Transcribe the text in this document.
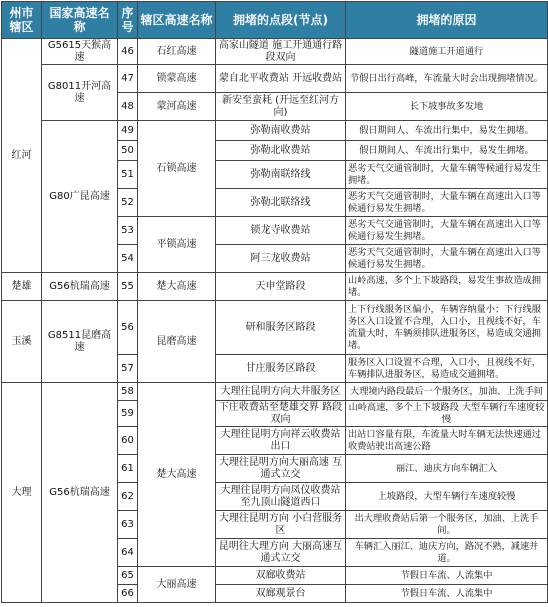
州市辖区	国家高速名称	序号	辖区高速名称	拥堵的点段(节点)	拥堵的原因
红河	G5615天猴高速	46	石红高速	高家山隧道 施工开通通行路段双向	隧道施工开道通行
	G8011开河高速	47	锁蒙高速	蒙自北平收费站 开远收费站	节假日出行高峰，车流量大时会出现拥堵情况。
		48	蒙河高速	新安至蛮耗 (开远至红河方向)	长下坡事故多发地
	G80广昆高速	49	石锁高速	弥勒南收费站	假日期间人、车流出行集中，易发生拥堵。
		50		弥勒北收费站	假日期间人、车流出行集中，易发生拥堵。
		51		弥勒南联络线	恶劣天气交通管制时，大量车辆等候通行易发生拥堵。
		52		弥勒北联络线	恶劣天气交通管制时，大量车辆在高速出入口等候通行易发生拥堵。
		53	平锁高速	锁龙寺收费站	恶劣天气交通管制时，大量车辆在高速出入口等候通行易发生拥堵。
		54		阿三龙收费站	恶劣天气交通管制时，大量车辆在高速出入口等候通行易发生拥堵。
楚雄	G56杭瑞高速	55	楚大高速	天申堂路段	山岭高速，多个上下坡路段，易发生事故造成拥堵。
玉溪	G8511昆磨高速	56	昆磨高速	研和服务区路段	上下行线服务区偏小，车辆容纳量小；下行线服务区入口设置不合理，入口小，且视线不好，车流量大时，车辆须排队进服务区，易造成交通拥堵。
		57		甘庄服务区路段	服务区入口设置不合理，入口小，且视线不好，车辆排队进服务区，易造成交通拥堵。
大理	G56杭瑞高速	58	楚大高速	大理往昆明方向大井服务区	大理境内路段最后一个服务区，加油、上洗手间
		59		下庄收费站至楚雄交界 路段双向	山岭高速，多个上下坡路段 大型车辆行车速度较慢
		60		大理往昆明方向祥云收费站出口	出站口容量有限，车流量大时车辆无法快速通过收费站驶出高速公路
		61		大理往昆明方向大丽高速 互通式立交	丽江、迪庆方向车辆汇入
		62		大理往昆明方向凤仪收费站至九顶山隧道西口	上坡路段，大型车辆行车速度较慢
		63		大理往昆明方向 小白营服务区	出大理收费站后第一个服务区，加油、上洗手间。
		64		昆明往大理方向 大丽高速互通式立交	车辆汇入丽江、迪庆方向，路况不熟，减速并道。
		65	大丽高速	双廊收费站	节假日车流、人流集中
		66		双廊观景台	节假日车流、人流集中
